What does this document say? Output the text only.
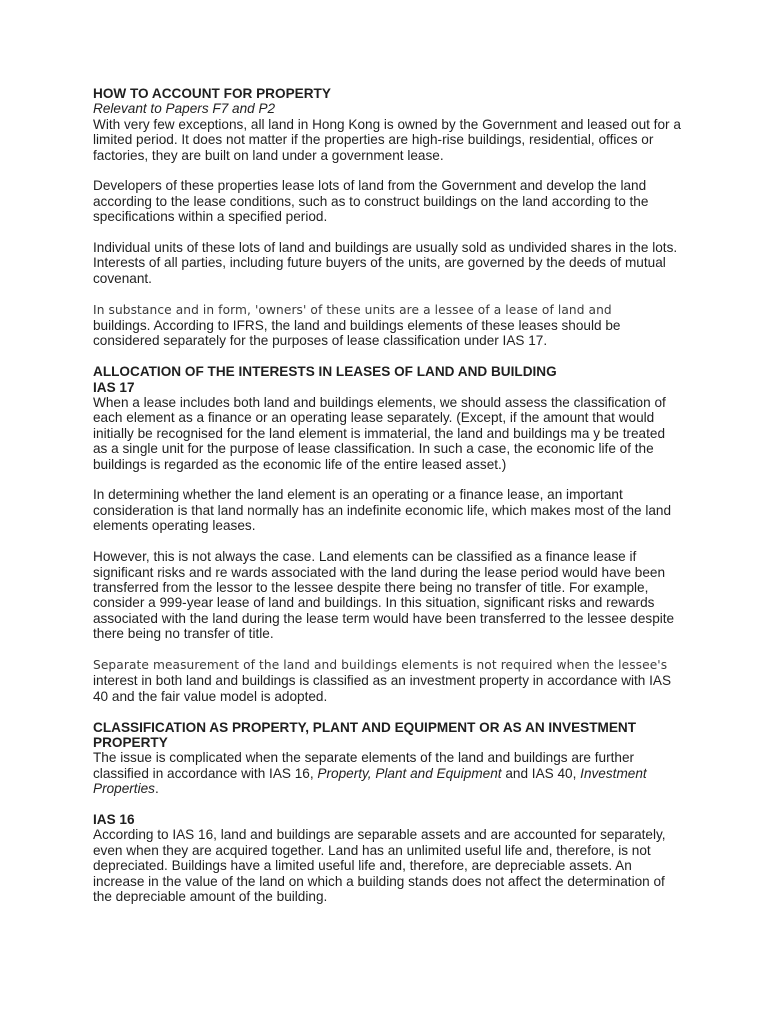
HOW TO ACCOUNT FOR PROPERTY

Relevant to Papers F7 and P2

With very few exceptions, all land in Hong Kong is owned by the Government and leased out for a limited period. It does not matter if the properties are high-rise buildings, residential, offices or factories, they are built on land under a government lease.

Developers of these properties lease lots of land from the Government and develop the land according to the lease conditions, such as to construct buildings on the land according to the specifications within a specified period.

Individual units of these lots of land and buildings are usually sold as undivided shares in the lots. Interests of all parties, including future buyers of the units, are governed by the deeds of mutual covenant.

In substance and in form, 'owners' of these units are a lessee of a lease of land and
buildings. According to IFRS, the land and buildings elements of these leases should be considered separately for the purposes of lease classification under IAS 17.

ALLOCATION OF THE INTERESTS IN LEASES OF LAND AND BUILDING
IAS 17

When a lease includes both land and buildings elements, we should assess the classification of each element as a finance or an operating lease separately. (Except, if the amount that would initially be recognised for the land element is immaterial, the land and buildings ma y be treated as a single unit for the purpose of lease classification. In such a case, the economic life of the buildings is regarded as the economic life of the entire leased asset.)

In determining whether the land element is an operating or a finance lease, an important consideration is that land normally has an indefinite economic life, which makes most of the land elements operating leases.

However, this is not always the case. Land elements can be classified as a finance lease if significant risks and re wards associated with the land during the lease period would have been transferred from the lessor to the lessee despite there being no transfer of title. For example, consider a 999-year lease of land and buildings. In this situation, significant risks and rewards associated with the land during the lease term would have been transferred to the lessee despite there being no transfer of title.

Separate measurement of the land and buildings elements is not required when the lessee's
interest in both land and buildings is classified as an investment property in accordance with IAS 40 and the fair value model is adopted.

CLASSIFICATION AS PROPERTY, PLANT AND EQUIPMENT OR AS AN INVESTMENT PROPERTY

The issue is complicated when the separate elements of the land and buildings are further classified in accordance with IAS 16, Property, Plant and Equipment and IAS 40, Investment Properties.

IAS 16

According to IAS 16, land and buildings are separable assets and are accounted for separately, even when they are acquired together. Land has an unlimited useful life and, therefore, is not depreciated. Buildings have a limited useful life and, therefore, are depreciable assets. An increase in the value of the land on which a building stands does not affect the determination of the depreciable amount of the building.
